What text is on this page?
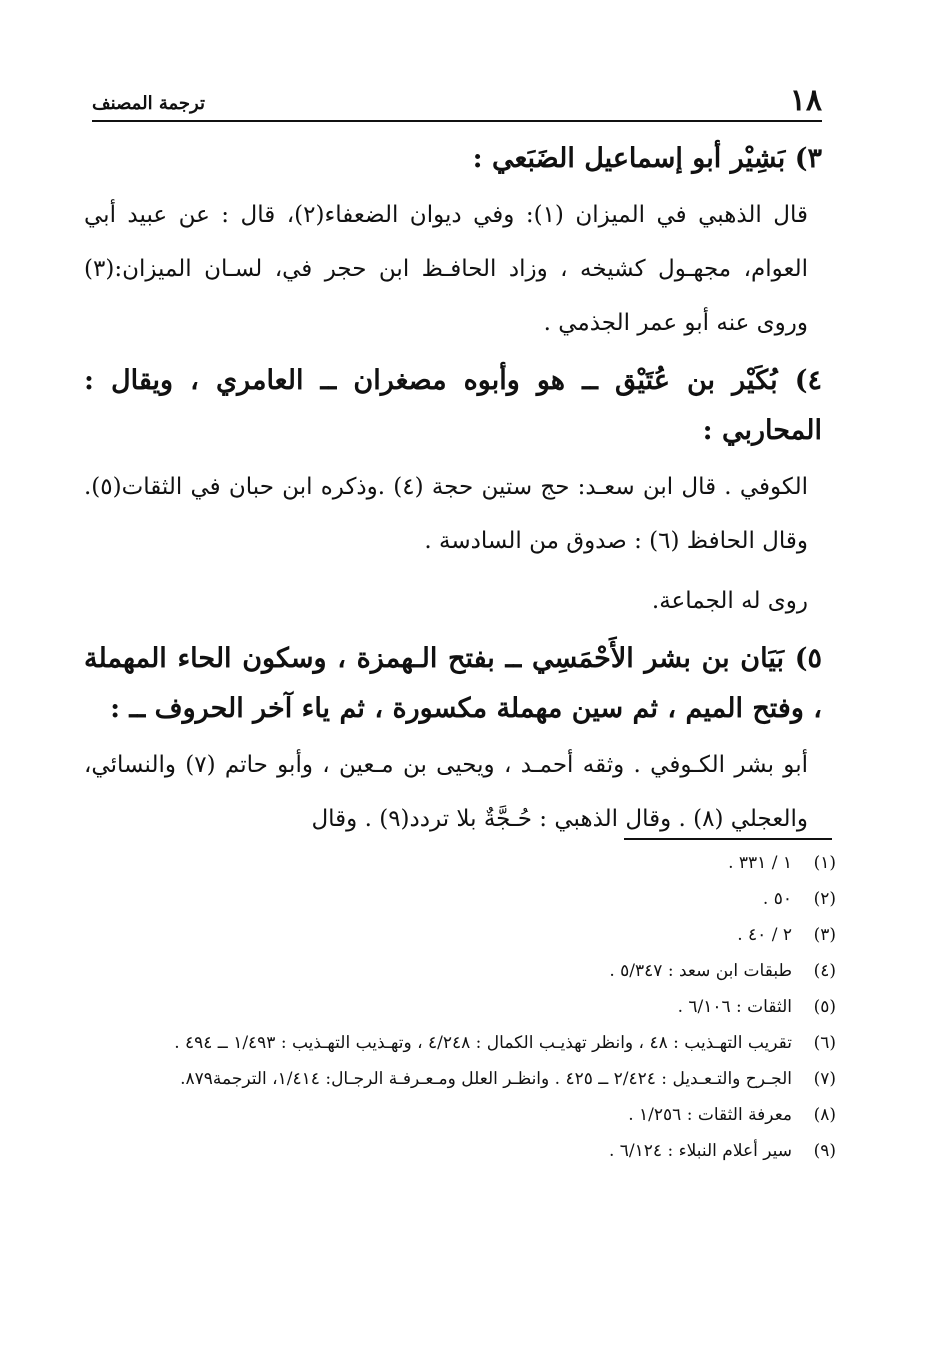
١٨
ترجمة المصنف
٣) بَشِيْر أبو إسماعيل الضَبَعي :
قال الذهبي في الميزان (١): وفي ديوان الضعفاء(٢)، قال : عن عبيد أبي العوام، مجهـول كشيخه ، وزاد الحافـظ ابن حجر في، لسـان الميزان:(٣) وروى عنه أبو عمر الجذمي .
٤) بُكَيْر بن عُتَيْق ــ هو وأبوه مصغران ــ العامري ، ويقال : المحاربي :
الكوفي . قال ابن سعـد: حج ستين حجة (٤) .وذكره ابن حبان في الثقات(٥). وقال الحافظ (٦) : صدوق من السادسة .
روى له الجماعة.
٥) بَيَان بن بشر الأَحْمَسِي ــ بفتح الـهمزة ، وسكون الحاء المهملة ، وفتح الميم ، ثم سين مهملة مكسورة ، ثم ياء آخر الحروف ــ :
أبو بشر الكـوفي . وثقه أحمـد ، ويحيى بن مـعين ، وأبو حاتم (٧) والنسائي، والعجلي (٨) . وقال الذهبي : حُـجَّةٌ بلا تردد(٩) . وقال
(١)
١ / ٣٣١ .
(٢)
٥٠ .
(٣)
٢ / ٤٠ .
(٤)
طبقات ابن سعد : ٥/٣٤٧ .
(٥)
الثقات : ٦/١٠٦ .
(٦)
تقريب التهـذيب : ٤٨ ، وانظر تهذيـب الكمال : ٤/٢٤٨ ، وتهـذيب التهـذيب : ١/٤٩٣ ــ ٤٩٤ .
(٧)
الجـرح والتـعـديل : ٢/٤٢٤ ــ ٤٢٥ . وانظـر العلل ومـعـرفـة الرجـال: ١/٤١٤، الترجمة٨٧٩.
(٨)
معرفة الثقات : ١/٢٥٦ .
(٩)
سير أعلام النبلاء : ٦/١٢٤ .
